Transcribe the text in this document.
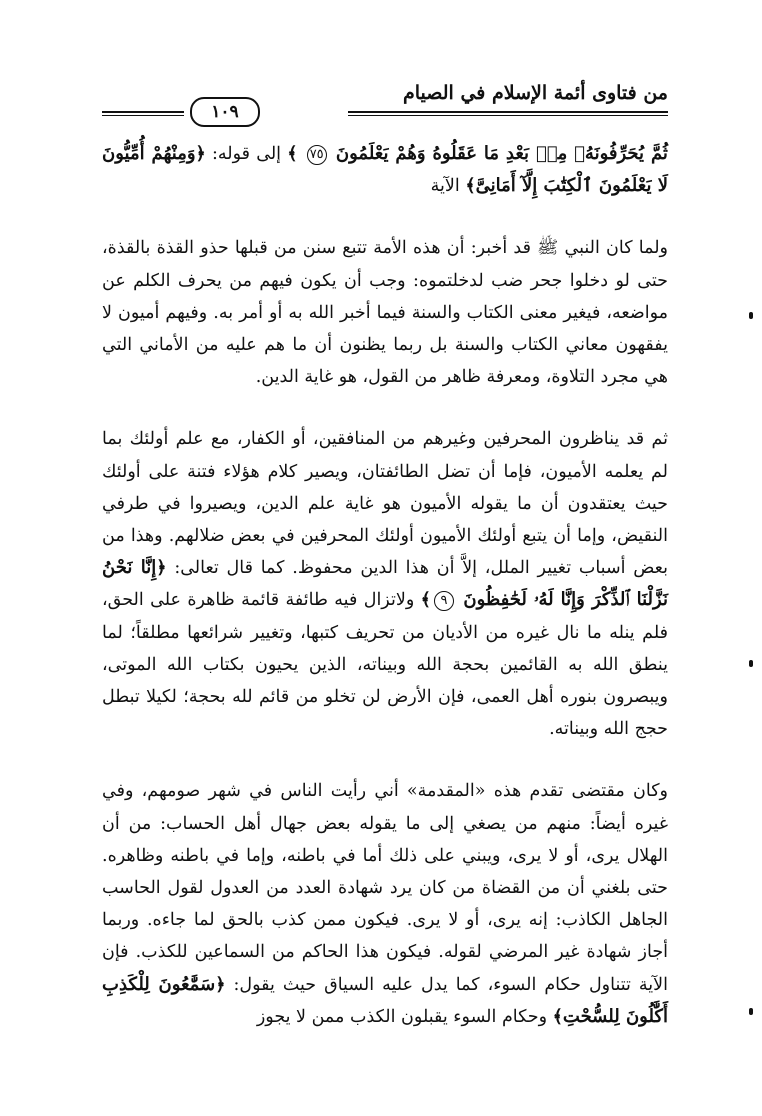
من فتاوى أئمة الإسلام في الصيام
١٠٩

ثُمَّ يُحَرِّفُونَهُۥ مِنۢ بَعْدِ مَا عَقَلُوهُ وَهُمْ يَعْلَمُونَ ٧٥ ﴾ إلى قوله: ﴿وَمِنْهُمْ أُمِّيُّونَ لَا يَعْلَمُونَ ٱلْكِتَٰبَ إِلَّآ أَمَانِىَّ﴾ الآية

ولما كان النبي ﷺ قد أخبر: أن هذه الأمة تتبع سنن من قبلها حذو القذة بالقذة، حتى لو دخلوا جحر ضب لدخلتموه: وجب أن يكون فيهم من يحرف الكلم عن مواضعه، فيغير معنى الكتاب والسنة فيما أخبر الله به أو أمر به. وفيهم أميون لا يفقهون معاني الكتاب والسنة بل ربما يظنون أن ما هم عليه من الأماني التي هي مجرد التلاوة، ومعرفة ظاهر من القول، هو غاية الدين.

ثم قد يناظرون المحرفين وغيرهم من المنافقين، أو الكفار، مع علم أولئك بما لم يعلمه الأميون، فإما أن تضل الطائفتان، ويصير كلام هؤلاء فتنة على أولئك حيث يعتقدون أن ما يقوله الأميون هو غاية علم الدين، ويصيروا في طرفي النقيض، وإما أن يتبع أولئك الأميون أولئك المحرفين في بعض ضلالهم. وهذا من بعض أسباب تغيير الملل، إلاَّ أن هذا الدين محفوظ. كما قال تعالى: ﴿إِنَّا نَحْنُ نَزَّلْنَا ٱلذِّكْرَ وَإِنَّا لَهُۥ لَحَٰفِظُونَ ٩﴾ ولاتزال فيه طائفة قائمة ظاهرة على الحق، فلم ينله ما نال غيره من الأديان من تحريف كتبها، وتغيير شرائعها مطلقاً؛ لما ينطق الله به القائمين بحجة الله وبيناته، الذين يحيون بكتاب الله الموتى، ويبصرون بنوره أهل العمى، فإن الأرض لن تخلو من قائم لله بحجة؛ لكيلا تبطل حجج الله وبيناته.

وكان مقتضى تقدم هذه «المقدمة» أني رأيت الناس في شهر صومهم، وفي غيره أيضاً: منهم من يصغي إلى ما يقوله بعض جهال أهل الحساب: من أن الهلال يرى، أو لا يرى، ويبني على ذلك أما في باطنه، وإما في باطنه وظاهره. حتى بلغني أن من القضاة من كان يرد شهادة العدد من العدول لقول الحاسب الجاهل الكاذب: إنه يرى، أو لا يرى. فيكون ممن كذب بالحق لما جاءه. وربما أجاز شهادة غير المرضي لقوله. فيكون هذا الحاكم من السماعين للكذب. فإن الآية تتناول حكام السوء، كما يدل عليه السياق حيث يقول: ﴿سَمَّٰعُونَ لِلْكَذِبِ أَكَّٰلُونَ لِلسُّحْتِ﴾ وحكام السوء يقبلون الكذب ممن لا يجوز
